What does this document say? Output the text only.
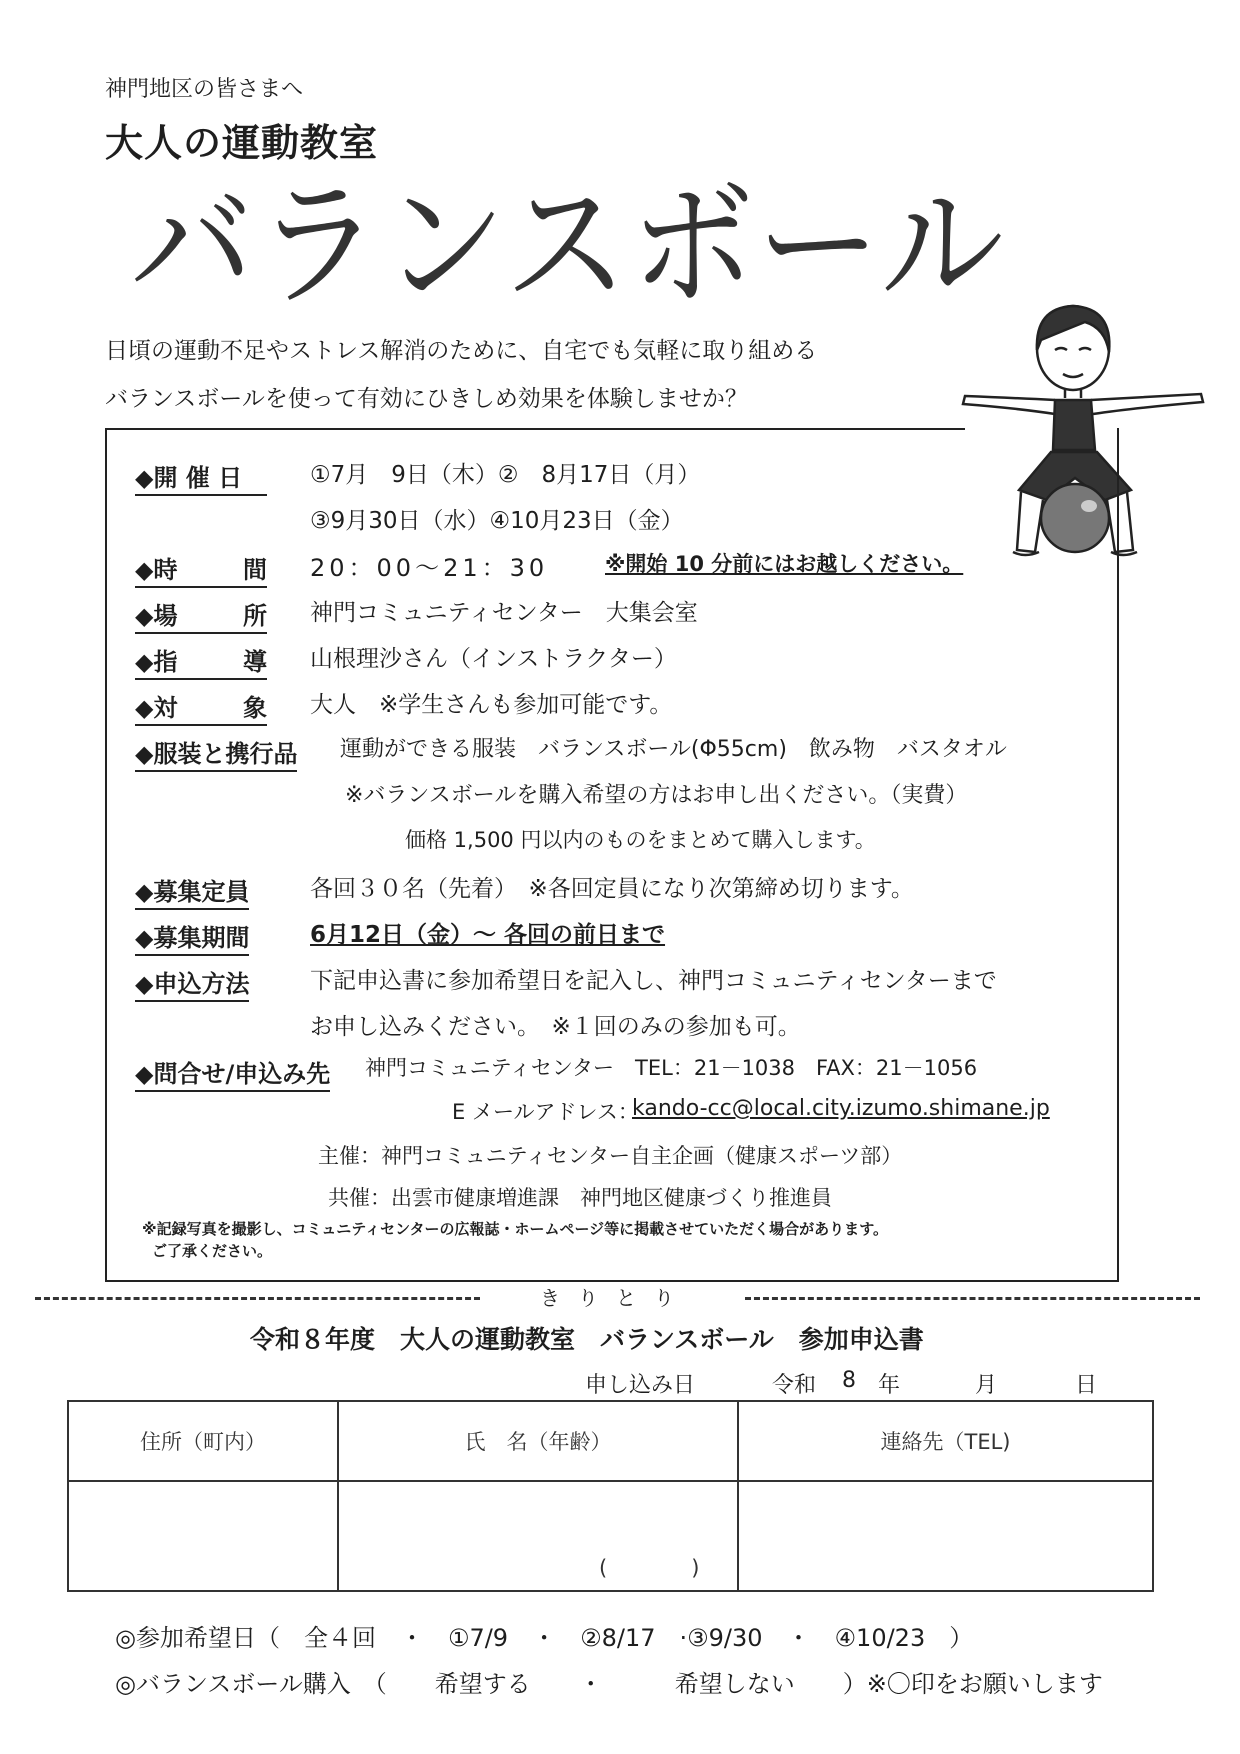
神門地区の皆さまへ
大人の運動教室
バランスボール
日頃の運動不足やストレス解消のために、自宅でも気軽に取り組める
バランスボールを使って有効にひきしめ効果を体験しませか？
◆開 催 日	①7月　9日（木）②　8月17日（月）
③9月30日（水）④10月23日（金）
◆時	間 20：00～21：30	※開始 10 分前にはお越しください。
◆場	所 神門コミュニティセンター　大集会室
◆指	導 山根理沙さん（インストラクター）
◆対	象 大人　※学生さんも参加可能です。
◆服装と携行品 運動ができる服装　バランスボール(Φ55cm)　飲み物　バスタオル
※バランスボールを購入希望の方はお申し出ください。（実費）
価格 1,500 円以内のものをまとめて購入します。
◆募集定員	各回３０名（先着）　※各回定員になり次第締め切ります。
◆募集期間	6月12日（金）～ 各回の前日まで
◆申込方法	下記申込書に参加希望日を記入し、神門コミュニティセンターまで
お申し込みください。　※１回のみの参加も可。
◆問合せ/申込み先 神門コミュニティセンター　TEL：21－1038　FAX：21－1056
E メールアドレス：
kando-cc@local.city.izumo.shimane.jp
主催：神門コミュニティセンター自主企画（健康スポーツ部）
共催：出雲市健康増進課　神門地区健康づくり推進員
※記録写真を撮影し、コミュニティセンターの広報誌・ホームページ等に掲載させていただく場合があります。
ご了承ください。
きりとり
令和８年度　大人の運動教室　バランスボール　参加申込書
申し込み日	令和 8 年	月	日
住所（町内）	氏　名（年齢）	連絡先（TEL)

	(　　　　)	

◎参加希望日（　全４回　・　①7/9　・　②8/17　·③9/30　・　④10/23　）
◎バランスボール購入　（　　希望する　　・　　　希望しない　　）※〇印をお願いします
